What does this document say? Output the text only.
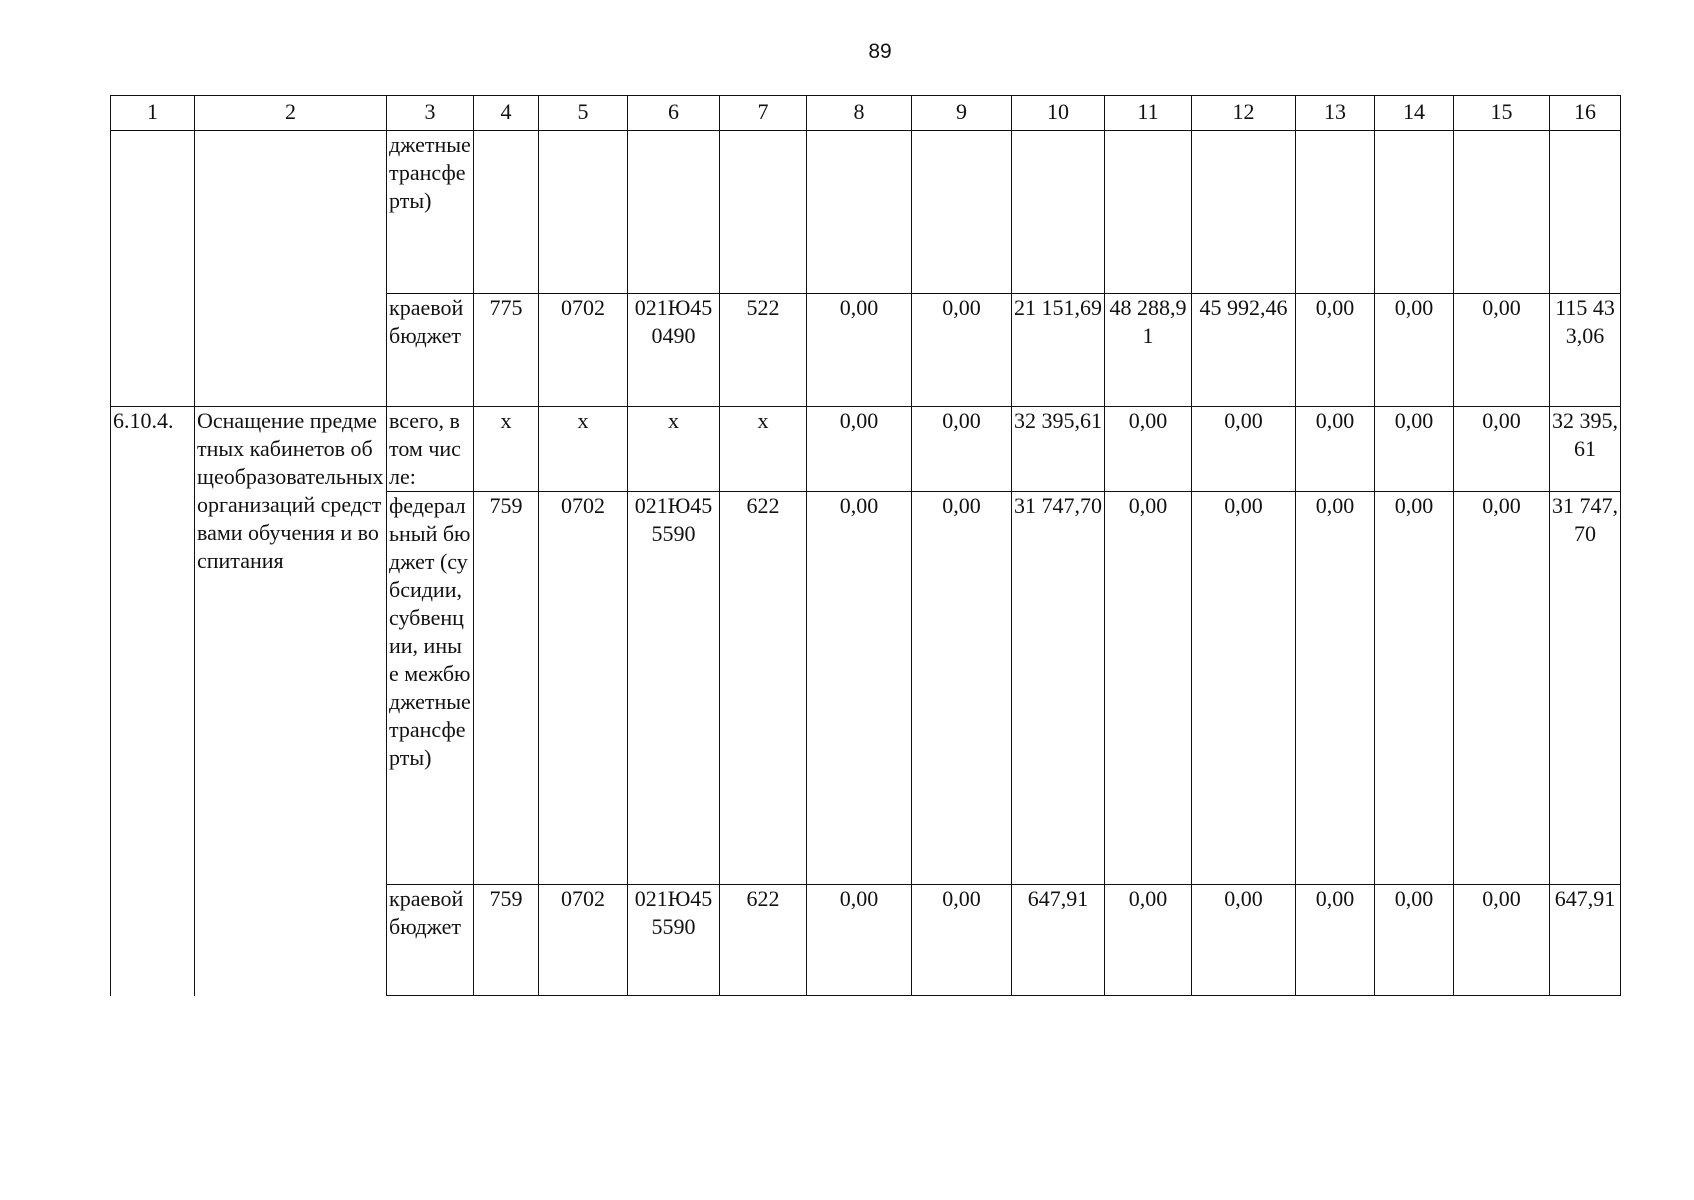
89
1	2	3	4	5	6	7	8	9	10	11	12	13	14	15	16
		джетные трансферты)													
		краевой бюджет	775	0702	021Ю450490	522	0,00	0,00	21 151,69	48 288,91	45 992,46	0,00	0,00	0,00	115 433,06
6.10.4.	Оснащение предметных кабинетов общеобразовательных организаций средствами обучения и воспитания	всего, в том числе:	х	х	х	х	0,00	0,00	32 395,61	0,00	0,00	0,00	0,00	0,00	32 395,61
		федеральный бюджет (субсидии, субвенции, иные межбюджетные трансферты)	759	0702	021Ю455590	622	0,00	0,00	31 747,70	0,00	0,00	0,00	0,00	0,00	31 747,70
		краевой бюджет	759	0702	021Ю455590	622	0,00	0,00	647,91	0,00	0,00	0,00	0,00	0,00	647,91
